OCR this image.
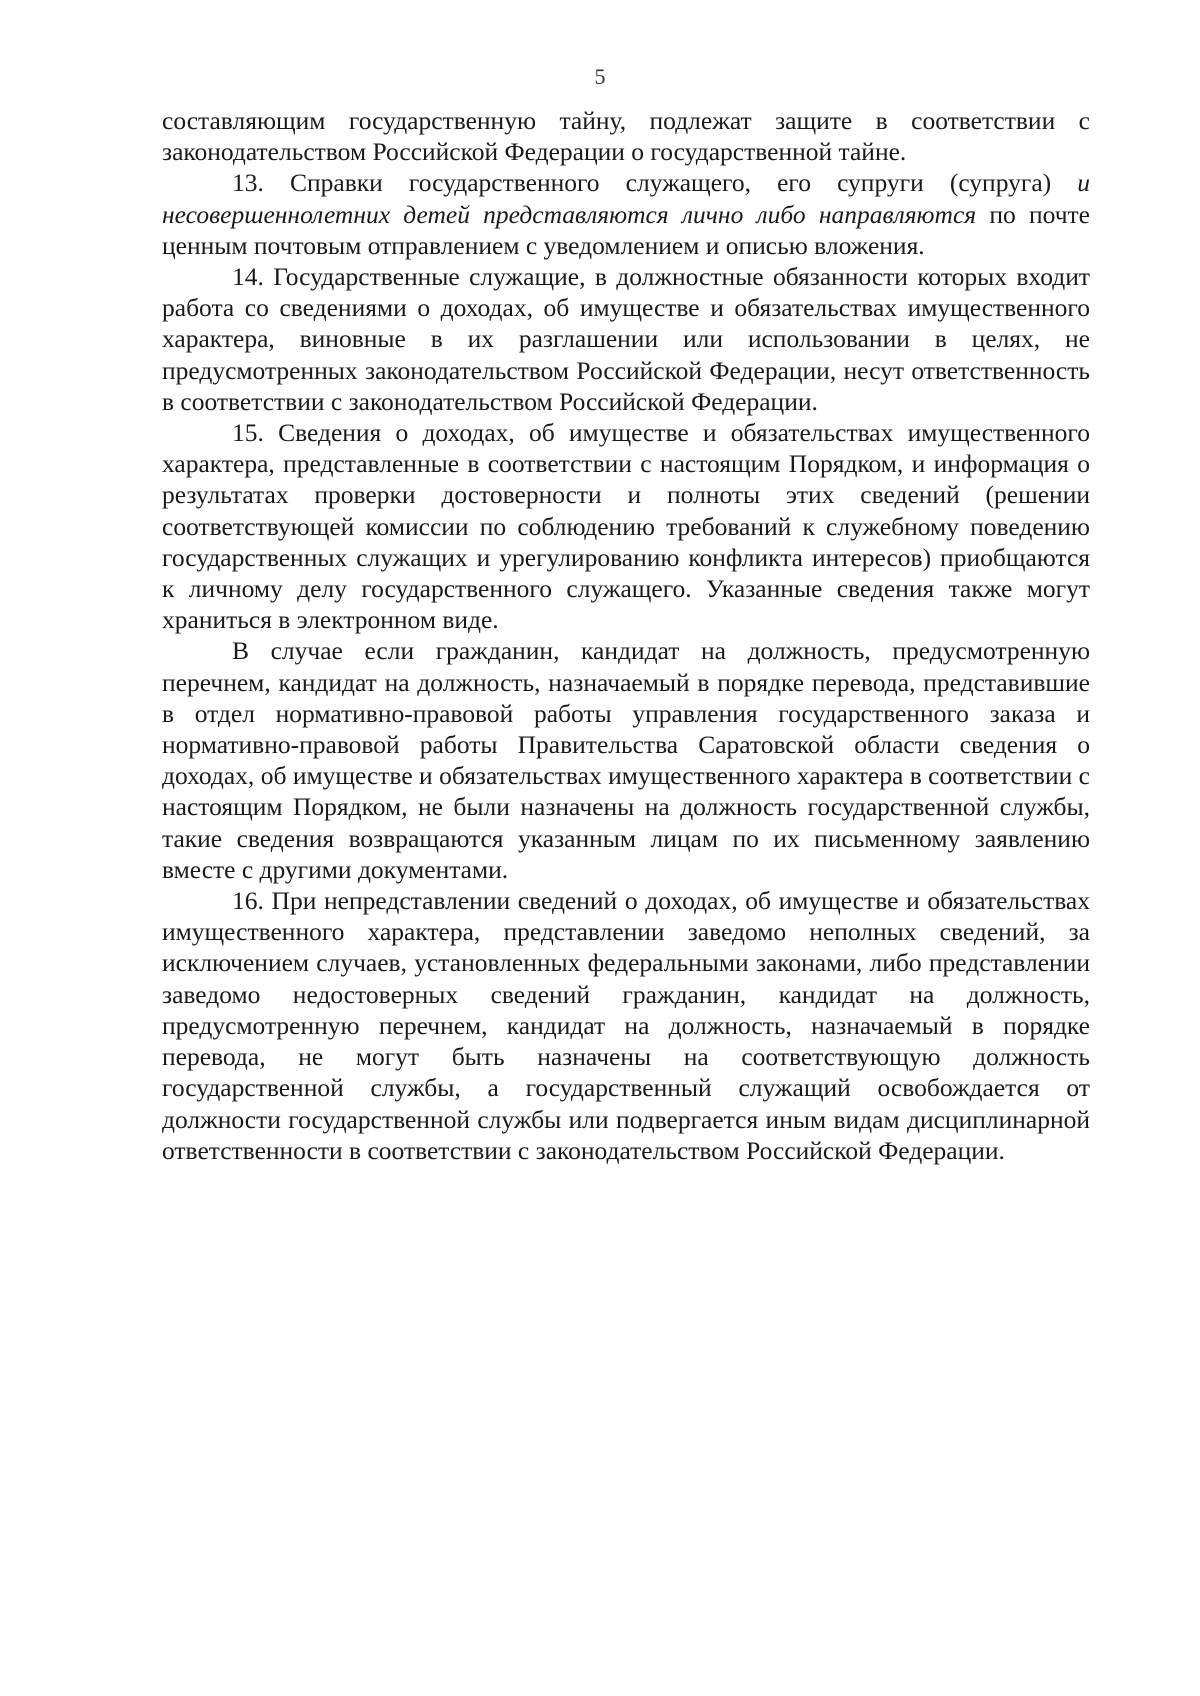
5

составляющим государственную тайну, подлежат защите в соответствии с законодательством Российской Федерации о государственной тайне.

13. Справки государственного служащего, его супруги (супруга) и несовершеннолетних детей представляются лично либо направляются по почте ценным почтовым отправлением с уведомлением и описью вложения.

14. Государственные служащие, в должностные обязанности которых входит работа со сведениями о доходах, об имуществе и обязательствах имущественного характера, виновные в их разглашении или использовании в целях, не предусмотренных законодательством Российской Федерации, несут ответственность в соответствии с законодательством Российской Федерации.

15. Сведения о доходах, об имуществе и обязательствах имущественного характера, представленные в соответствии с настоящим Порядком, и информация о результатах проверки достоверности и полноты этих сведений (решении соответствующей комиссии по соблюдению требований к служебному поведению государственных служащих и урегулированию конфликта интересов) приобщаются к личному делу государственного служащего. Указанные сведения также могут храниться в электронном виде.

В случае если гражданин, кандидат на должность, предусмотренную перечнем, кандидат на должность, назначаемый в порядке перевода, представившие в отдел нормативно-правовой работы управления государственного заказа и нормативно-правовой работы Правительства Саратовской области сведения о доходах, об имуществе и обязательствах имущественного характера в соответствии с настоящим Порядком, не были назначены на должность государственной службы, такие сведения возвращаются указанным лицам по их письменному заявлению вместе с другими документами.

16. При непредставлении сведений о доходах, об имуществе и обязательствах имущественного характера, представлении заведомо неполных сведений, за исключением случаев, установленных федеральными законами, либо представлении заведомо недостоверных сведений гражданин, кандидат на должность, предусмотренную перечнем, кандидат на должность, назначаемый в порядке перевода, не могут быть назначены на соответствующую должность государственной службы, а государственный служащий освобождается от должности государственной службы или подвергается иным видам дисциплинарной ответственности в соответствии с законодательством Российской Федерации.
